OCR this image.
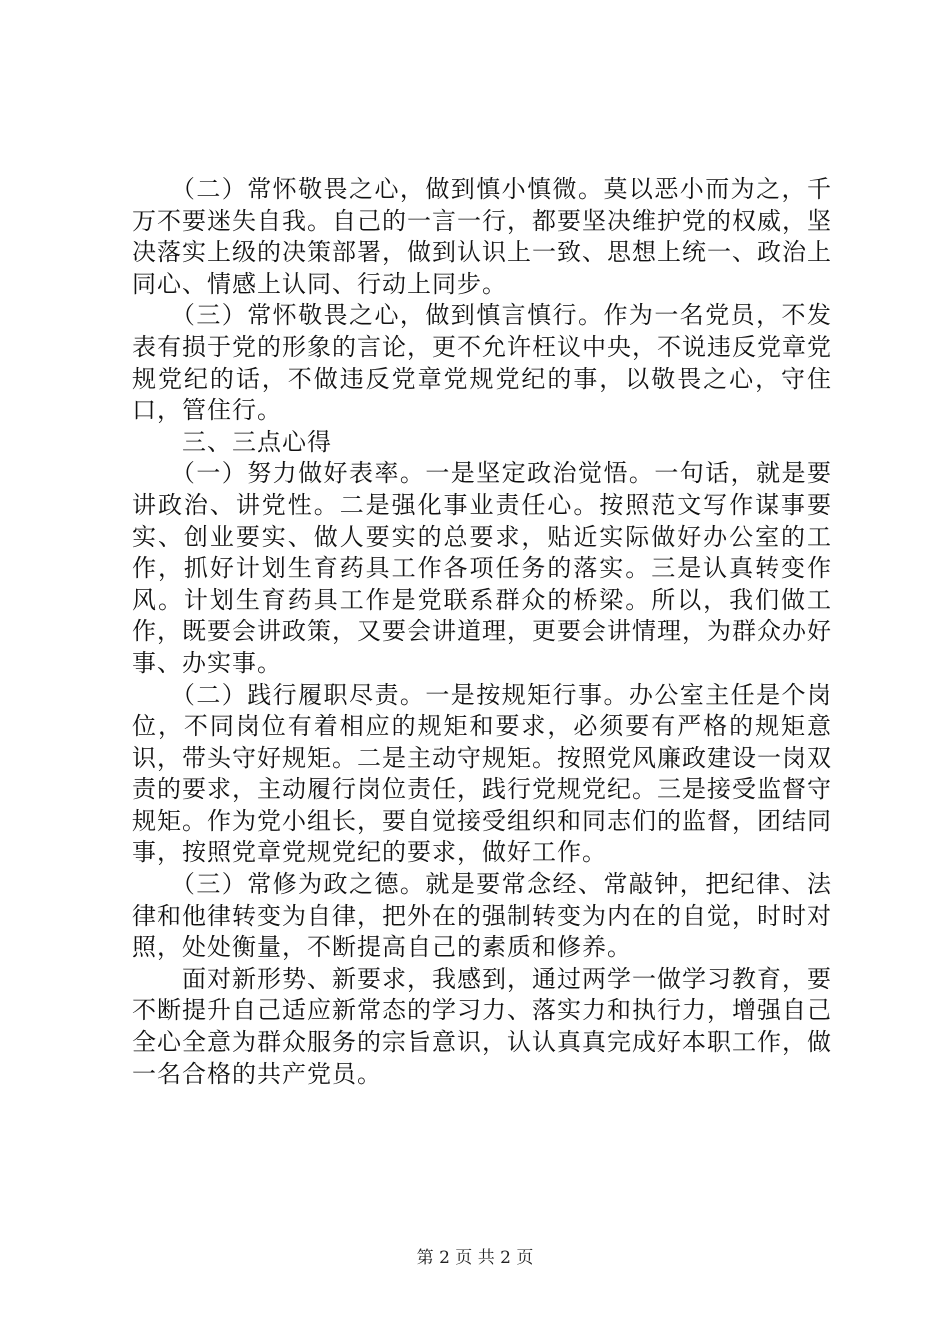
　　（二）常怀敬畏之心，做到慎小慎微。莫以恶小而为之，千万不要迷失自我。自己的一言一行，都要坚决维护党的权威，坚决落实上级的决策部署，做到认识上一致、思想上统一、政治上同心、情感上认同、行动上同步。

　　（三）常怀敬畏之心，做到慎言慎行。作为一名党员，不发表有损于党的形象的言论，更不允许枉议中央，不说违反党章党规党纪的话，不做违反党章党规党纪的事，以敬畏之心，守住口，管住行。

　　三、三点心得

　　（一）努力做好表率。一是坚定政治觉悟。一句话，就是要讲政治、讲党性。二是强化事业责任心。按照范文写作谋事要实、创业要实、做人要实的总要求，贴近实际做好办公室的工作，抓好计划生育药具工作各项任务的落实。三是认真转变作风。计划生育药具工作是党联系群众的桥梁。所以，我们做工作，既要会讲政策，又要会讲道理，更要会讲情理，为群众办好事、办实事。

　　（二）践行履职尽责。一是按规矩行事。办公室主任是个岗位，不同岗位有着相应的规矩和要求，必须要有严格的规矩意识，带头守好规矩。二是主动守规矩。按照党风廉政建设一岗双责的要求，主动履行岗位责任，践行党规党纪。三是接受监督守规矩。作为党小组长，要自觉接受组织和同志们的监督，团结同事，按照党章党规党纪的要求，做好工作。

　　（三）常修为政之德。就是要常念经、常敲钟，把纪律、法律和他律转变为自律，把外在的强制转变为内在的自觉，时时对照，处处衡量，不断提高自己的素质和修养。

　　面对新形势、新要求，我感到，通过两学一做学习教育，要不断提升自己适应新常态的学习力、落实力和执行力，增强自己全心全意为群众服务的宗旨意识，认认真真完成好本职工作，做一名合格的共产党员。

第 2 页 共 2 页
